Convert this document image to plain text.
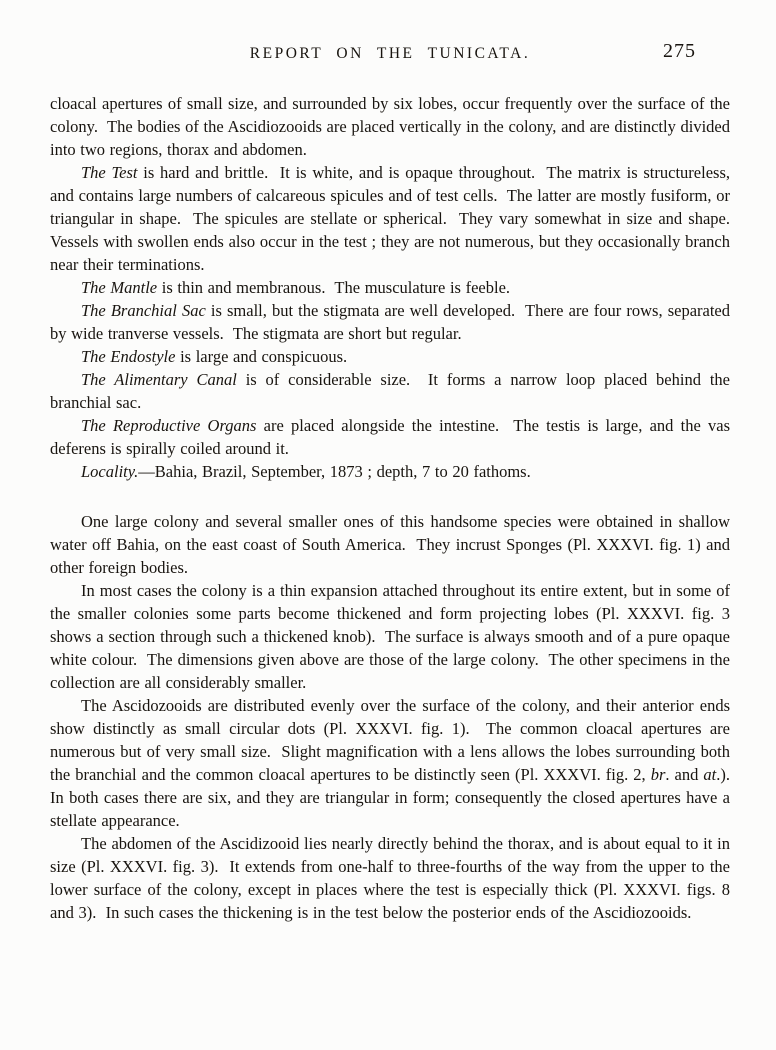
REPORT ON THE TUNICATA.	275

cloacal apertures of small size, and surrounded by six lobes, occur frequently over the surface of the colony.  The bodies of the Ascidiozooids are placed vertically in the colony, and are distinctly divided into two regions, thorax and abdomen.

The Test is hard and brittle.  It is white, and is opaque throughout.  The matrix is structureless, and contains large numbers of calcareous spicules and of test cells.  The latter are mostly fusiform, or triangular in shape.  The spicules are stellate or spherical.  They vary somewhat in size and shape.  Vessels with swollen ends also occur in the test ; they are not numerous, but they occasionally branch near their terminations.

The Mantle is thin and membranous.  The musculature is feeble.

The Branchial Sac is small, but the stigmata are well developed.  There are four rows, separated by wide tranverse vessels.  The stigmata are short but regular.

The Endostyle is large and conspicuous.

The Alimentary Canal is of considerable size.  It forms a narrow loop placed behind the branchial sac.

The Reproductive Organs are placed alongside the intestine.  The testis is large, and the vas deferens is spirally coiled around it.

Locality.—Bahia, Brazil, September, 1873 ; depth, 7 to 20 fathoms.

One large colony and several smaller ones of this handsome species were obtained in shallow water off Bahia, on the east coast of South America.  They incrust Sponges (Pl. XXXVI. fig. 1) and other foreign bodies.

In most cases the colony is a thin expansion attached throughout its entire extent, but in some of the smaller colonies some parts become thickened and form projecting lobes (Pl. XXXVI. fig. 3 shows a section through such a thickened knob).  The surface is always smooth and of a pure opaque white colour.  The dimensions given above are those of the large colony.  The other specimens in the collection are all considerably smaller.

The Ascidozooids are distributed evenly over the surface of the colony, and their anterior ends show distinctly as small circular dots (Pl. XXXVI. fig. 1).  The common cloacal apertures are numerous but of very small size.  Slight magnification with a lens allows the lobes surrounding both the branchial and the common cloacal apertures to be distinctly seen (Pl. XXXVI. fig. 2, br. and at.).  In both cases there are six, and they are triangular in form; consequently the closed apertures have a stellate appearance.

The abdomen of the Ascidizooid lies nearly directly behind the thorax, and is about equal to it in size (Pl. XXXVI. fig. 3).  It extends from one-half to three-fourths of the way from the upper to the lower surface of the colony, except in places where the test is especially thick (Pl. XXXVI. figs. 8 and 3).  In such cases the thickening is in the test below the posterior ends of the Ascidiozooids.
